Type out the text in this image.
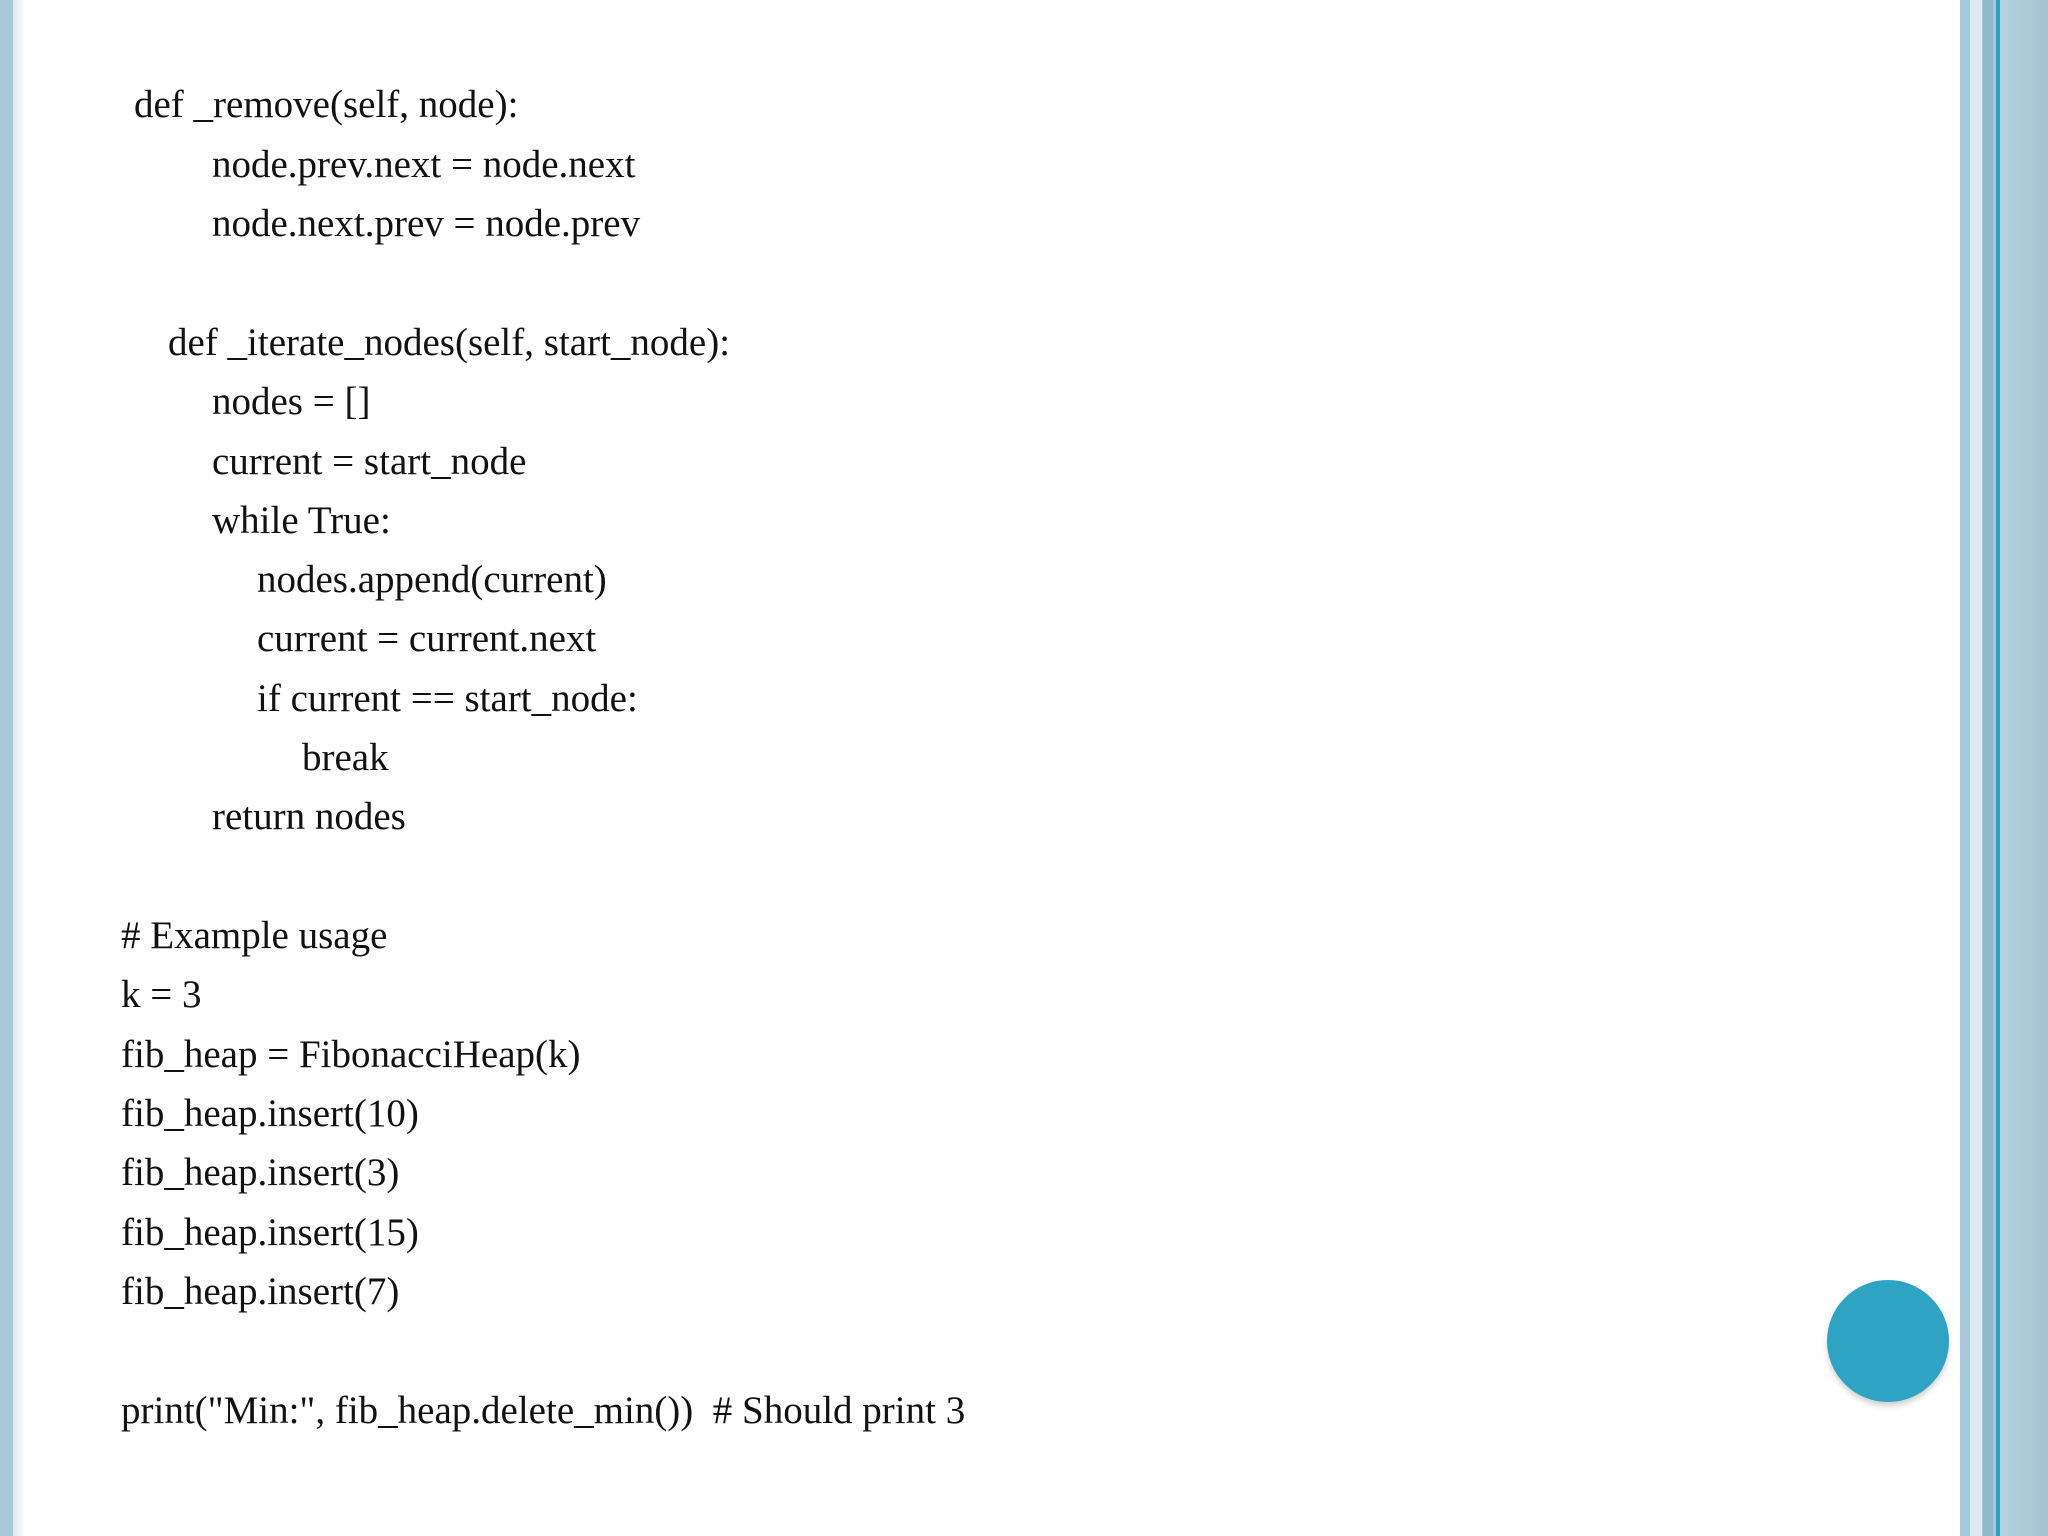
def _remove(self, node):

node.prev.next = node.next

node.next.prev = node.prev

def _iterate_nodes(self, start_node):

nodes = []

current = start_node

while True:

nodes.append(current)

current = current.next

if current == start_node:

break

return nodes

# Example usage

k = 3

fib_heap = FibonacciHeap(k)

fib_heap.insert(10)

fib_heap.insert(3)

fib_heap.insert(15)

fib_heap.insert(7)

print("Min:", fib_heap.delete_min())  # Should print 3
